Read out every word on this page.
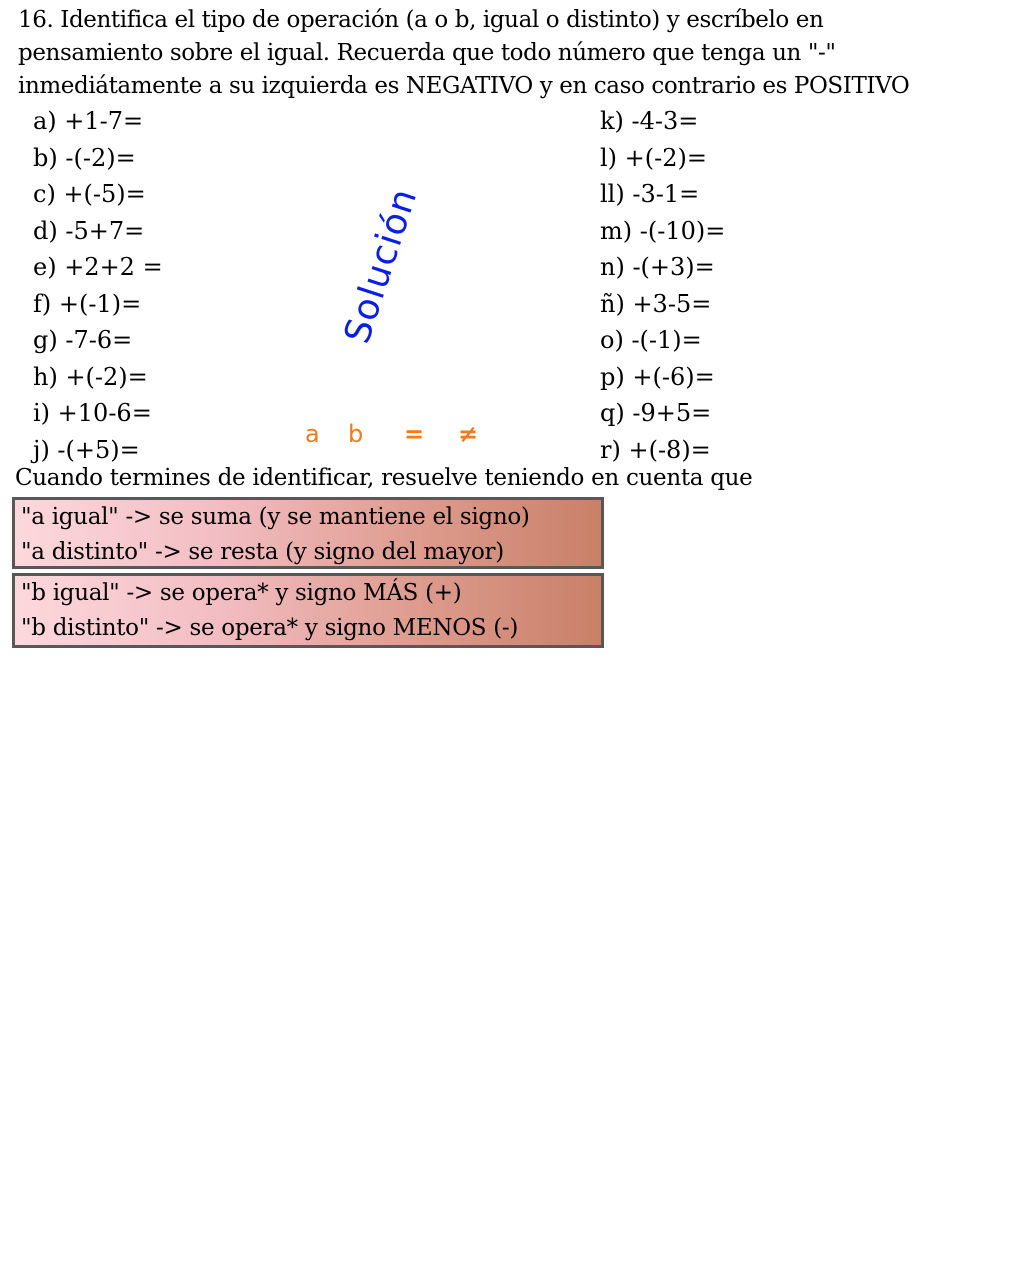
16. Identifica el tipo de operación (a o b, igual o distinto) y escríbelo en
pensamiento sobre el igual. Recuerda que todo número que tenga un "-"
inmediátamente a su izquierda es NEGATIVO y en caso contrario es POSITIVO
a) +1-7=
b) -(-2)=
c) +(-5)=
d) -5+7=
e) +2+2 =
f) +(-1)=
g) -7-6=
h) +(-2)=
i) +10-6=
j) -(+5)=
k) -4-3=
l) +(-2)=
ll) -3-1=
m) -(-10)=
n) -(+3)=
ñ) +3-5=
o) -(-1)=
p) +(-6)=
q) -9+5=
r) +(-8)=
Solución
a b = ≠

Cuando termines de identificar, resuelve teniendo en cuenta que

"a igual" -> se suma (y se mantiene el signo)
"a distinto" -> se resta (y signo del mayor)
"b igual" -> se opera* y signo MÁS (+)
"b distinto" -> se opera* y signo MENOS (-)
